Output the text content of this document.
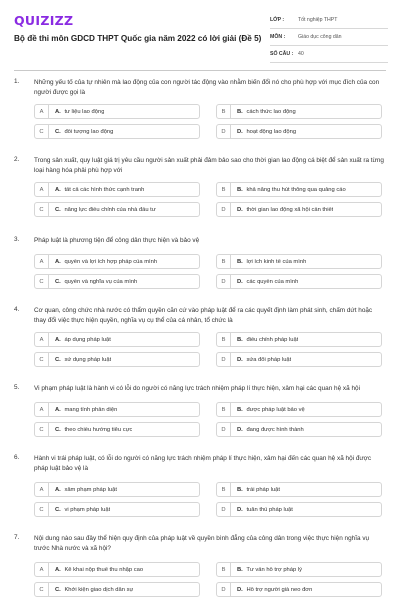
QUIZIZZ
Bộ đề thi môn GDCD THPT Quốc gia năm 2022 có lời giải (Đề 5)
LỚP :	Tốt nghiệp THPT
MÔN :	Giáo dục công dân
SỐ CÂU : 40
1. Những yếu tố của tự nhiên mà lao động của con người tác động vào nhằm biến đổi nó cho phù hợp với mục đích của con người được gọi là
A	A. tư liệu lao động	B	B. cách thức lao động
C	C. đối tượng lao động	D	D. hoạt động lao động
2. Trong sản xuất, quy luật giá trị yêu cầu người sản xuất phải đảm bảo sao cho thời gian lao động cá biệt để sản xuất ra từng loại hàng hóa phải phù hợp với
A	A. tất cả các hình thức cạnh tranh	B	B. khả năng thu hút thông qua quảng cáo
C	C. năng lực điều chỉnh của nhà đầu tư	D	D. thời gian lao động xã hội cần thiết
3. Pháp luật là phương tiện để công dân thực hiện và bảo vệ
A	A. quyền và lợi ích hợp pháp của mình	B	B. lợi ích kinh tế của mình
C	C. quyền và nghĩa vụ của mình	D	D. các quyền của mình
4. Cơ quan, công chức nhà nước có thẩm quyền căn cứ vào pháp luật để ra các quyết định làm phát sinh, chấm dứt hoặc thay đổi việc thực hiện quyền, nghĩa vụ cụ thể của cá nhân, tổ chức là
A	A. áp dụng pháp luật	B	B. điều chỉnh pháp luật
C	C. sử dụng pháp luật	D	D. sửa đổi pháp luật
5. Vi phạm pháp luật là hành vi có lỗi do người có năng lực trách nhiệm pháp lí thực hiện, xâm hại các quan hệ xã hội
A	A. mang tính phản diện	B	B. được pháp luật bảo vệ
C	C. theo chiều hướng tiêu cực	D	D. đang được hình thành
6. Hành vi trái pháp luật, có lỗi do người có năng lực trách nhiệm pháp lí thực hiện, xâm hại đến các quan hệ xã hội được pháp luật bảo vệ là
A	A. xâm phạm pháp luật	B	B. trái pháp luật
C	C. vi phạm pháp luật	D	D. tuân thủ pháp luật
7. Nội dung nào sau đây thể hiện quy định của pháp luật về quyền bình đẳng của công dân trong việc thực hiện nghĩa vụ trước Nhà nước và xã hội?
A	A. Kê khai nộp thuế thu nhập cao	B	B. Tư vấn hỗ trợ pháp lý
C	C. Khởi kiện giao dịch dân sự	D	D. Hỗ trợ người già neo đơn
